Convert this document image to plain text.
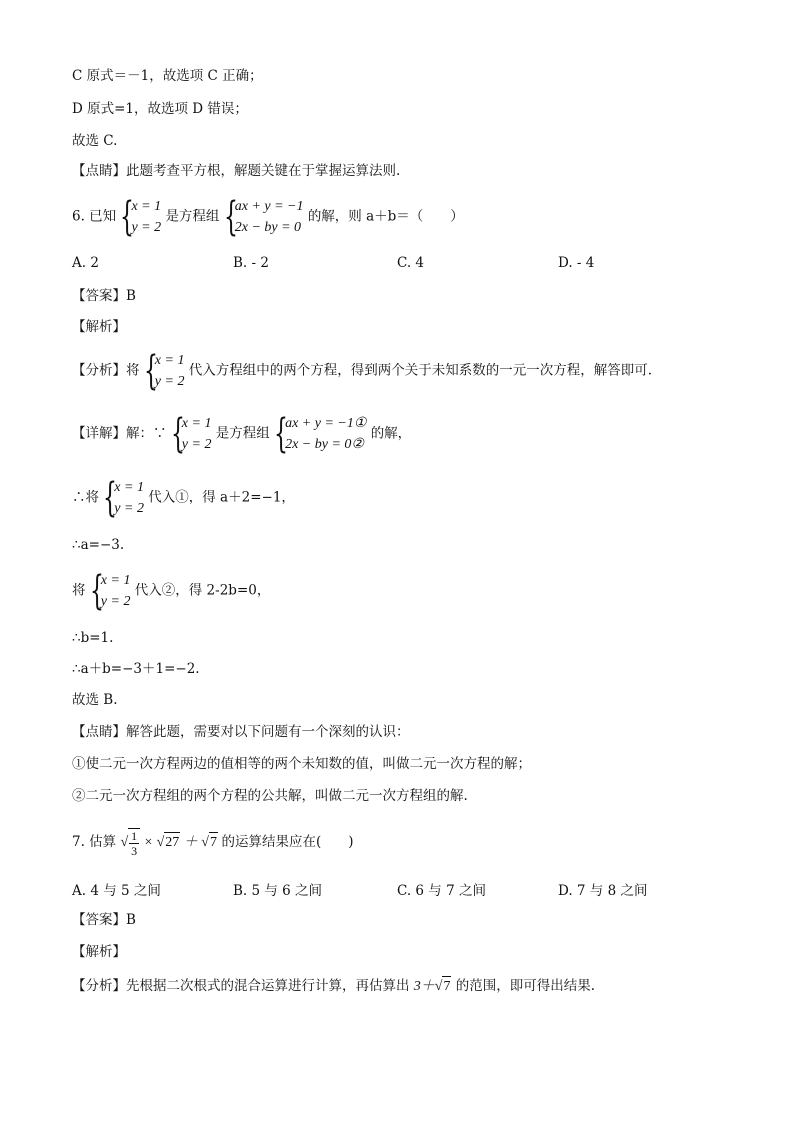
C 原式＝－1，故选项 C 正确；
D 原式=1，故选项 D 错误；
故选 C.
【点睛】此题考查平方根，解题关键在于掌握运算法则.
6. 已知 {
x = 1
y = 2
是方程组 {
ax + y = −1
2x − by = 0
的解，则 a＋b＝（　　）
A. 2	B. - 2	C. 4	D. - 4
【答案】B
【解析】
【分析】将 {
x = 1
y = 2
代入方程组中的两个方程，得到两个关于未知系数的一元一次方程，解答即可.
【详解】解：∵ {
x = 1
y = 2
是方程组 {
ax + y = −1①
2x − by = 0②
的解，
∴将 {
x = 1
y = 2
代入①，得 a＋2=−1，
∴a=−3.
将 {
x = 1
y = 2
代入②，得 2-2b=0，
∴b=1.
∴a＋b=−3＋1=−2.
故选 B.
【点睛】解答此题，需要对以下问题有一个深刻的认识：
①使二元一次方程两边的值相等的两个未知数的值，叫做二元一次方程的解；
②二元一次方程组的两个方程的公共解，叫做二元一次方程组的解.
7. 估算 √ $\frac{1}{3} \times √27 + √7$ 的运算结果应在(　　)
A. 4 与 5 之间	B. 5 与 6 之间	C. 6 与 7 之间	D. 7 与 8 之间
【答案】B
【解析】
【分析】先根据二次根式的混合运算进行计算，再估算出 3＋√7 的范围，即可得出结果.
